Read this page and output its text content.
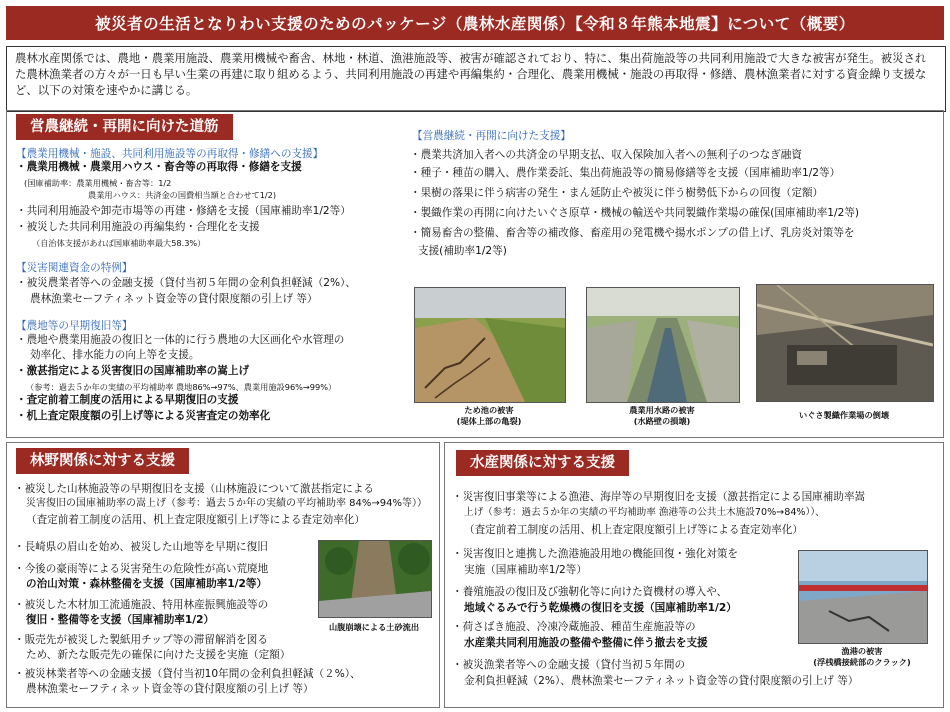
被災者の生活となりわい支援のためのパッケージ（農林水産関係）【令和８年熊本地震】について（概要）
農林水産関係では、農地・農業用施設、農業用機械や畜舎、林地・林道、漁港施設等、被害が確認されており、特に、集出荷施設等の共同利用施設で大きな被害が発生。被災された農林漁業者の方々が一日も早い生業の再建に取り組めるよう、共同利用施設の再建や再編集約・合理化、農業用機械・施設の再取得・修繕、農林漁業者に対する資金繰り支援など、以下の対策を速やかに講じる。
営農継続・再開に向けた道筋
【農業用機械・施設、共同利用施設等の再取得・修繕への支援】
・農業用機械・農業用ハウス・畜舎等の再取得・修繕を支援
(国庫補助率：農業用機械・畜舎等：1/2
農業用ハウス：共済金の国費相当額と合わせて1/2)
・共同利用施設や卸売市場等の再建・修繕を支援（国庫補助率1/2等）
・被災した共同利用施設の再編集約・合理化を支援
（自治体支援があれば国庫補助率最大58.3%）
【災害関連資金の特例】
・被災農業者等への金融支援（貸付当初５年間の金利負担軽減（2%）、
農林漁業セーフティネット資金等の貸付限度額の引上げ 等）
【農地等の早期復旧等】
・農地や農業用施設の復旧と一体的に行う農地の大区画化や水管理の
効率化、排水能力の向上等を支援。
・激甚指定による災害復旧の国庫補助率の嵩上げ
（参考：過去５か年の実績の平均補助率 農地86%→97%、農業用施設96%→99%）
・査定前着工制度の活用による早期復旧の支援
・机上査定限度額の引上げ等による災害査定の効率化
【営農継続・再開に向けた支援】
・農業共済加入者への共済金の早期支払、収入保険加入者への無利子のつなぎ融資
・種子・種苗の購入、農作業委託、集出荷施設等の簡易修繕等を支援（国庫補助率1/2等）
・果樹の落果に伴う病害の発生・まん延防止や被災に伴う樹勢低下からの回復（定額）
・製織作業の再開に向けたいぐさ原草・機械の輸送や共同製織作業場の確保(国庫補助率1/2等)
・簡易畜舎の整備、畜舎等の補改修、畜産用の発電機や揚水ポンプの借上げ、乳房炎対策等を
支援(補助率1/2等)
ため池の被害
(堤体上部の亀裂)
農業用水路の被害
(水路壁の損壊)
いぐさ製織作業場の倒壊
林野関係に対する支援
・被災した山林施設等の早期復旧を支援（山林施設について激甚指定による
災害復旧の国庫補助率の嵩上げ（参考：過去５か年の実績の平均補助率 84%→94%等））
（査定前着工制度の活用、机上査定限度額引上げ等による査定効率化）
・長崎県の眉山を始め、被災した山地等を早期に復旧
・今後の豪雨等による災害発生の危険性が高い荒廃地
の治山対策・森林整備を支援（国庫補助率1/2等）
・被災した木材加工流通施設、特用林産振興施設等の
復旧・整備等を支援（国庫補助率1/2）
・販売先が被災した製紙用チップ等の滞留解消を図る
ため、新たな販売先の確保に向けた支援を実施（定額）
・被災林業者等への金融支援（貸付当初10年間の金利負担軽減（２%）、
農林漁業セーフティネット資金等の貸付限度額の引上げ 等）
山腹崩壊による土砂流出
水産関係に対する支援
・災害復旧事業等による漁港、海岸等の早期復旧を支援（激甚指定による国庫補助率嵩
上げ（参考：過去５か年の実績の平均補助率 漁港等の公共土木施設70%→84%））、
（査定前着工制度の活用、机上査定限度額引上げ等による査定効率化）
・災害復旧と連携した漁港施設用地の機能回復・強化対策を
実施（国庫補助率1/2等）
・養殖施設の復旧及び強靭化等に向けた資機材の導入や、
地域ぐるみで行う乾燥機の復旧を支援（国庫補助率1/2）
・荷さばき施設、冷凍冷蔵施設、種苗生産施設等の
水産業共同利用施設の整備や整備に伴う撤去を支援
・被災漁業者等への金融支援（貸付当初５年間の
金利負担軽減（2%）、農林漁業セーフティネット資金等の貸付限度額の引上げ 等）
漁港の被害
(浮桟橋接続部のクラック)
